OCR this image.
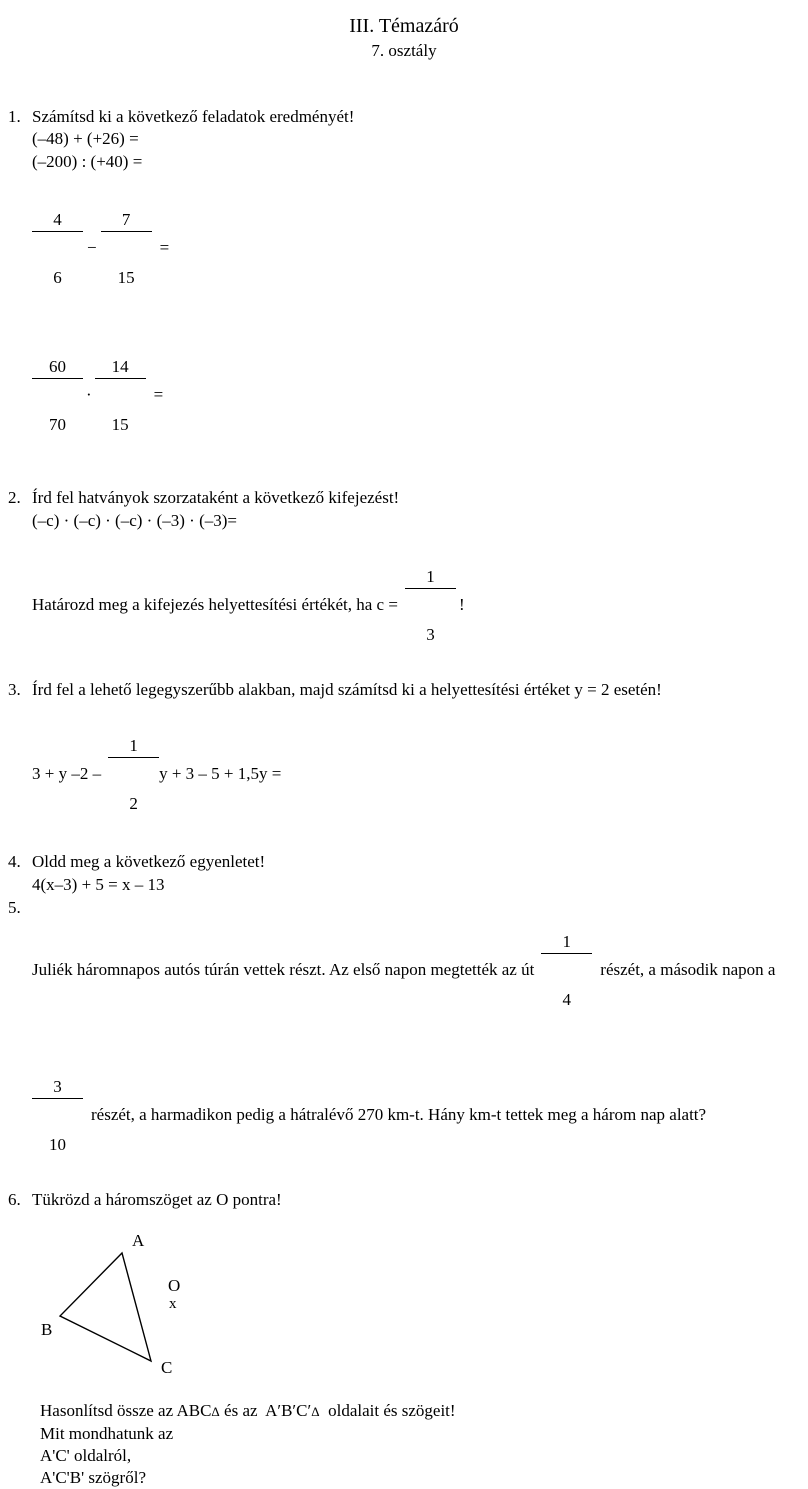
III. Témazáró
7. osztály
1. Számítsd ki a következő feladatok eredményét!
(–48) + (+26) =
(–200) : (+40) =

$\frac{4}{6}$

−

$\frac{7}{15}$

=

$\frac{60}{70}$

·

$\frac{14}{15}$

=
2. Írd fel hatványok szorzataként a következő kifejezést!
(–c) · (–c) · (–c) · (–3) · (–3)=
Határozd meg a kifejezés helyettesítési értékét, ha c =

$\frac{1}{3}$

!
3. Írd fel a lehető legegyszerűbb alakban, majd számítsd ki a helyettesítési értéket y = 2 esetén!
3 + y –2 –

$\frac{1}{2}$

y + 3 – 5 + 1,5y =
4. Oldd meg a következő egyenletet!
4(x–3) + 5 = x – 13
5.
Juliék háromnapos autós túrán vettek részt. Az első napon megtették az út

$\frac{1}{4}$

részét, a második napon a

$\frac{3}{10}$

részét, a harmadikon pedig a hátralévő 270 km-t. Hány km-t tettek meg a három nap alatt?
6. Tükrözd a háromszöget az O pontra!
A
B
C
O
x
Hasonlítsd össze az ABCΔ és az  A′B′C′Δ  oldalait és szögeit!
Mit mondhatunk az
A'C' oldalról,
A'C'B' szögről?
